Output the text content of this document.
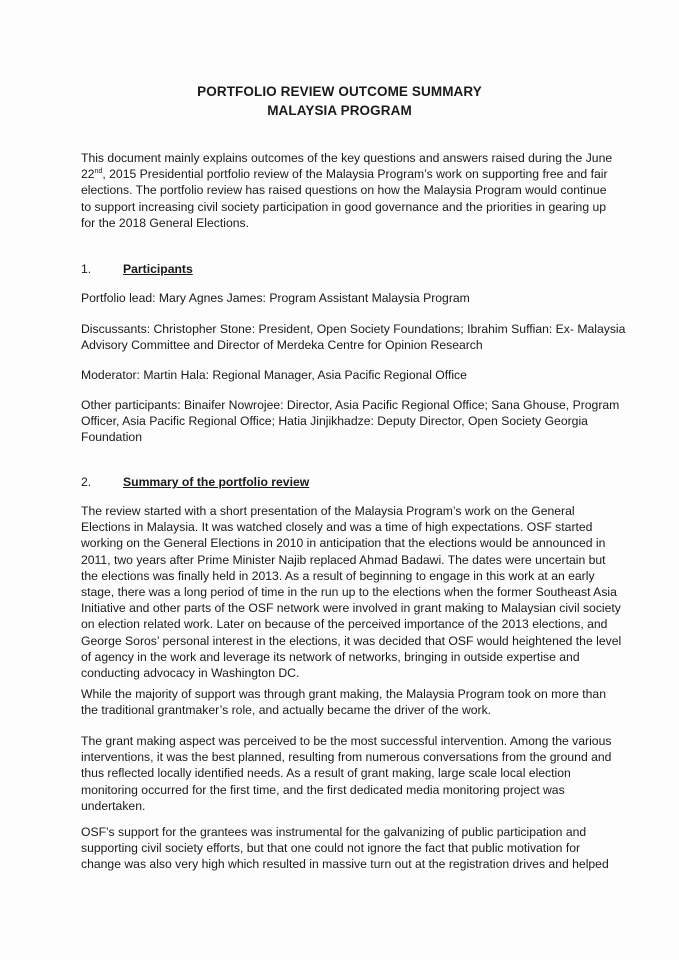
PORTFOLIO REVIEW OUTCOME SUMMARY
MALAYSIA PROGRAM
This document mainly explains outcomes of the key questions and answers raised during the June
22nd, 2015 Presidential portfolio review of the Malaysia Program’s work on supporting free and fair
elections. The portfolio review has raised questions on how the Malaysia Program would continue
to support increasing civil society participation in good governance and the priorities in gearing up
for the 2018 General Elections.
1.	Participants
Portfolio lead: Mary Agnes James: Program Assistant Malaysia Program
Discussants: Christopher Stone: President, Open Society Foundations; Ibrahim Suffian: Ex- Malaysia
Advisory Committee and Director of Merdeka Centre for Opinion Research
Moderator: Martin Hala: Regional Manager, Asia Pacific Regional Office
Other participants: Binaifer Nowrojee: Director, Asia Pacific Regional Office; Sana Ghouse, Program
Officer, Asia Pacific Regional Office; Hatia Jinjikhadze: Deputy Director, Open Society Georgia
Foundation
2.	Summary of the portfolio review
The review started with a short presentation of the Malaysia Program’s work on the General
Elections in Malaysia. It was watched closely and was a time of high expectations. OSF started
working on the General Elections in 2010 in anticipation that the elections would be announced in
2011, two years after Prime Minister Najib replaced Ahmad Badawi. The dates were uncertain but
the elections was finally held in 2013. As a result of beginning to engage in this work at an early
stage, there was a long period of time in the run up to the elections when the former Southeast Asia
Initiative and other parts of the OSF network were involved in grant making to Malaysian civil society
on election related work. Later on because of the perceived importance of the 2013 elections, and
George Soros’ personal interest in the elections, it was decided that OSF would heightened the level
of agency in the work and leverage its network of networks, bringing in outside expertise and
conducting advocacy in Washington DC.
While the majority of support was through grant making, the Malaysia Program took on more than
the traditional grantmaker’s role, and actually became the driver of the work.
The grant making aspect was perceived to be the most successful intervention. Among the various
interventions, it was the best planned, resulting from numerous conversations from the ground and
thus reflected locally identified needs. As a result of grant making, large scale local election
monitoring occurred for the first time, and the first dedicated media monitoring project was
undertaken.
OSF’s support for the grantees was instrumental for the galvanizing of public participation and
supporting civil society efforts, but that one could not ignore the fact that public motivation for
change was also very high which resulted in massive turn out at the registration drives and helped
